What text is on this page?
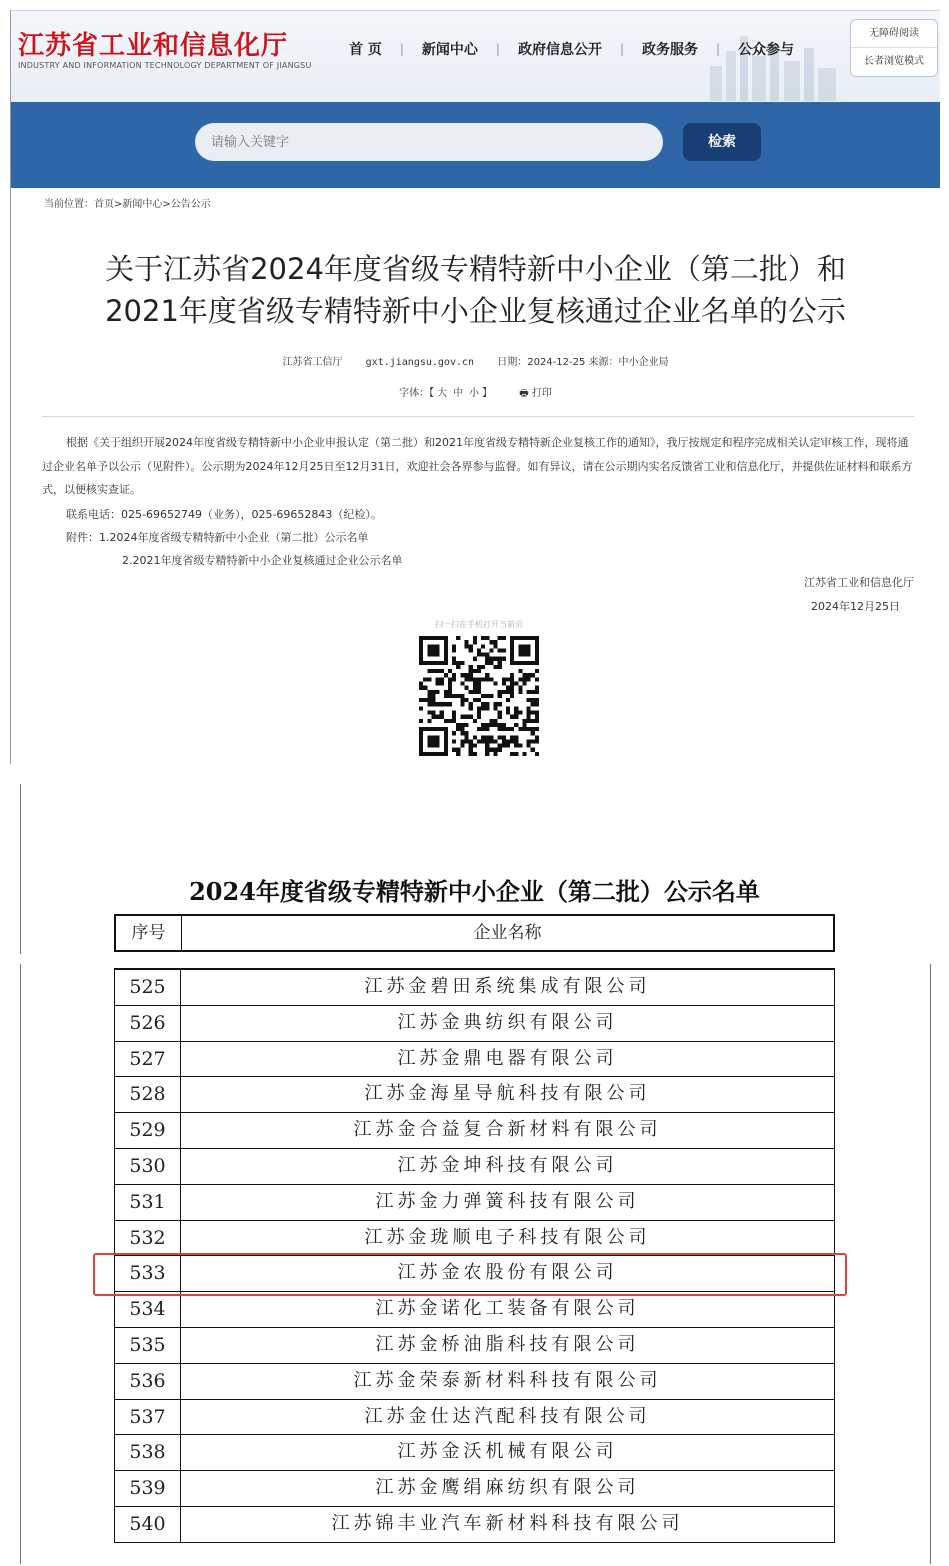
江苏省工业和信息化厅
INDUSTRY AND INFORMATION TECHNOLOGY DEPARTMENT OF JIANGSU
首 页	|	新闻中心	|	政府信息公开	|	政务服务	|	公众参与
无障碍阅读
长者浏览模式
请输入关键字
检索
当前位置：首页>新闻中心>公告公示
关于江苏省2024年度省级专精特新中小企业（第二批）和
2021年度省级专精特新中小企业复核通过企业名单的公示
江苏省工信厅 gxt.jiangsu.gov.cn 日期：2024-12-25 来源：中小企业局
字体：【 大 中 小 】	🖶 打印
根据《关于组织开展2024年度省级专精特新中小企业申报认定（第二批）和2021年度省级专精特新企业复核工作的通知》，我厅按规定和程序完成相关认定审核工作，现将通过企业名单予以公示（见附件）。公示期为2024年12月25日至12月31日，欢迎社会各界参与监督。如有异议，请在公示期内实名反馈省工业和信息化厅，并提供佐证材料和联系方式，以便核实查证。
联系电话：025-69652749（业务），025-69652843（纪检）。
附件：1.2024年度省级专精特新中小企业（第二批）公示名单
2.2021年度省级专精特新中小企业复核通过企业公示名单
江苏省工业和信息化厅
2024年12月25日
扫一扫在手机打开当前页
2024年度省级专精特新中小企业（第二批）公示名单
序号	企业名称
525	江苏金碧田系统集成有限公司
526	江苏金典纺织有限公司
527	江苏金鼎电器有限公司
528	江苏金海星导航科技有限公司
529	江苏金合益复合新材料有限公司
530	江苏金坤科技有限公司
531	江苏金力弹簧科技有限公司
532	江苏金珑顺电子科技有限公司
533	江苏金农股份有限公司
534	江苏金诺化工装备有限公司
535	江苏金桥油脂科技有限公司
536	江苏金荣泰新材料科技有限公司
537	江苏金仕达汽配科技有限公司
538	江苏金沃机械有限公司
539	江苏金鹰绢麻纺织有限公司
540	江苏锦丰业汽车新材料科技有限公司
